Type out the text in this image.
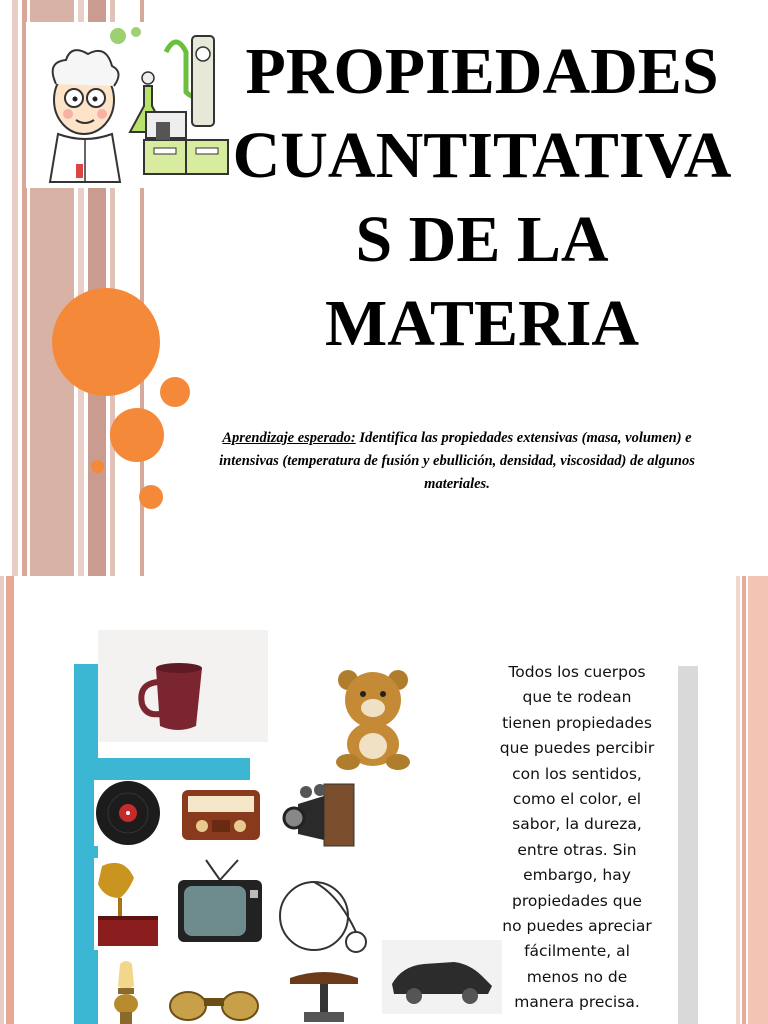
PROPIEDADES
CUANTITATIVA
S DE LA
MATERIA
Aprendizaje esperado: Identifica las propiedades extensivas (masa, volumen) e intensivas (temperatura de fusión y ebullición, densidad, viscosidad) de algunos materiales.
Todos los cuerpos
que te rodean
tienen propiedades
que puedes percibir
con los sentidos,
como el color, el
sabor, la dureza,
entre otras. Sin
embargo, hay
propiedades que
no puedes apreciar
fácilmente, al
menos no de
manera precisa.
